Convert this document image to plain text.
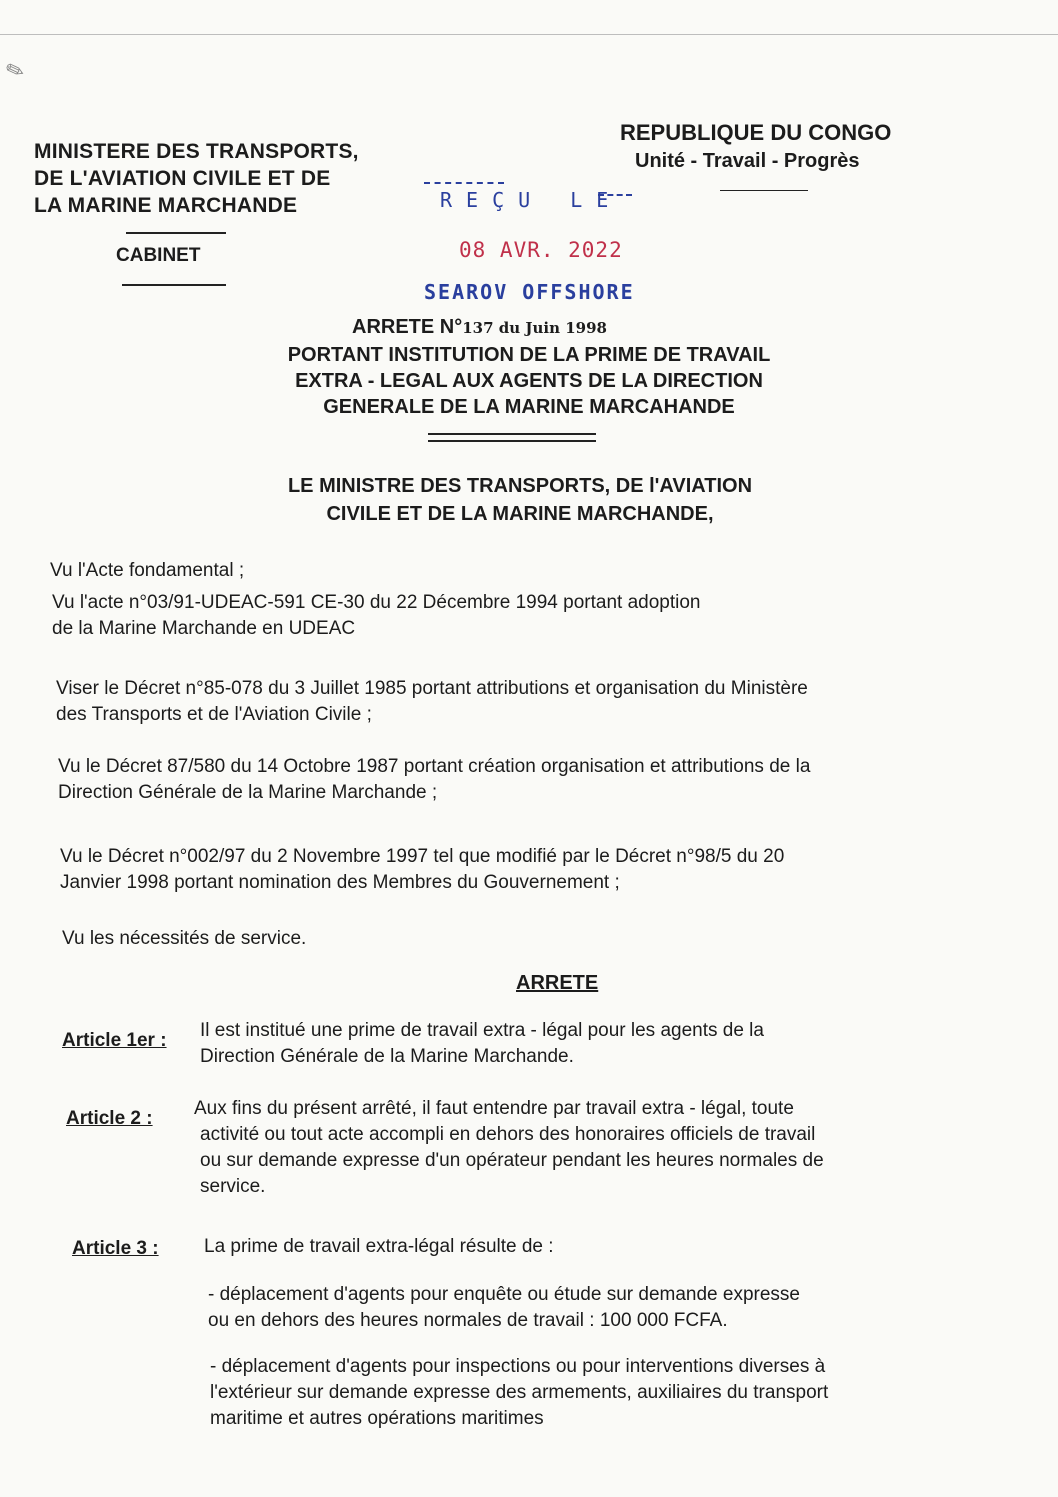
✎
MINISTERE DES TRANSPORTS,
DE L'AVIATION CIVILE ET DE
LA MARINE MARCHANDE
CABINET
REPUBLIQUE DU CONGO
Unité - Travail - Progrès
REÇU LE
08 AVR. 2022
SEAROV OFFSHORE
ARRETE N°137 du Juin 1998
PORTANT INSTITUTION DE LA PRIME DE TRAVAIL
EXTRA - LEGAL AUX AGENTS DE LA DIRECTION
GENERALE DE LA MARINE MARCAHANDE
LE MINISTRE DES TRANSPORTS, DE l'AVIATION
CIVILE ET DE LA MARINE MARCHANDE,
Vu l'Acte fondamental ;
Vu l'acte n°03/91-UDEAC-591 CE-30 du 22 Décembre 1994 portant adoption
de la Marine Marchande en UDEAC
Viser le Décret n°85-078 du 3 Juillet 1985 portant attributions et organisation du Ministère
des Transports et de l'Aviation Civile ;
Vu le Décret 87/580 du 14 Octobre 1987 portant création organisation et attributions de la
Direction Générale de la Marine Marchande ;
Vu le Décret n°002/97 du 2 Novembre 1997 tel que modifié par le Décret n°98/5 du 20
Janvier 1998 portant nomination des Membres du Gouvernement ;
Vu les nécessités de service.
ARRETE
Article 1er : Il est institué une prime de travail extra - légal pour les agents de la
Direction Générale de la Marine Marchande.
Article 2 : Aux fins du présent arrêté, il faut entendre par travail extra - légal, toute
activité ou tout acte accompli en dehors des honoraires officiels de travail
ou sur demande expresse d'un opérateur pendant les heures normales de
service.
Article 3 : La prime de travail extra-légal résulte de :
- déplacement d'agents pour enquête ou étude sur demande expresse
ou en dehors des heures normales de travail : 100 000 FCFA.
- déplacement d'agents pour inspections ou pour interventions diverses à
l'extérieur sur demande expresse des armements, auxiliaires du transport
maritime et autres opérations maritimes
